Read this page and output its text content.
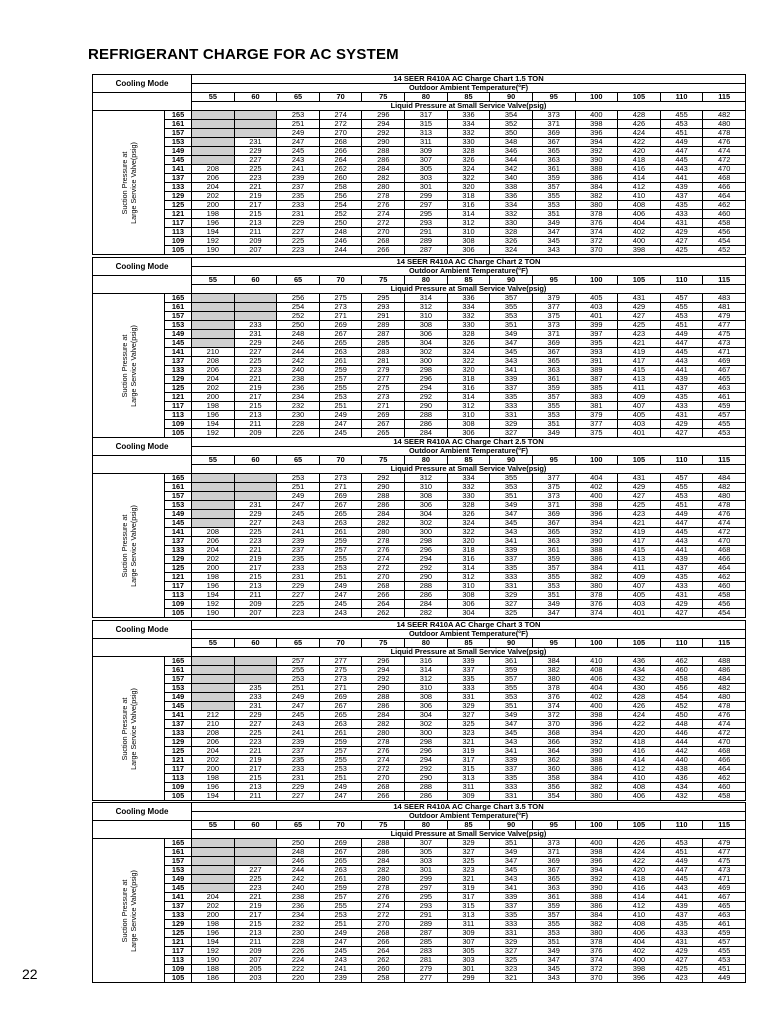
REFRIGERANT CHARGE FOR AC SYSTEM
Cooling Mode		14 SEER R410A AC Charge Chart 1.5 TON												
		Outdoor Ambient Temperature(°F)												
		55	60	65	70	75	80	85	90	95	100	105	110	115
		Liquid Pressure at Small Service Valve(psig)												

Suction Pressure at Large Service Valve(psig)	165			253	274	296	317	336	354	373	400	428	455	482
	161			251	272	294	315	334	352	371	398	426	453	480
	157			249	270	292	313	332	350	369	396	424	451	478
	153		231	247	268	290	311	330	348	367	394	422	449	476
	149		229	245	266	288	309	328	346	365	392	420	447	474
	145		227	243	264	286	307	326	344	363	390	418	445	472
	141	208	225	241	262	284	305	324	342	361	388	416	443	470
	137	206	223	239	260	282	303	322	340	359	386	414	441	468
	133	204	221	237	258	280	301	320	338	357	384	412	439	466
	129	202	219	235	256	278	299	318	336	355	382	410	437	464
	125	200	217	233	254	276	297	316	334	353	380	408	435	462
	121	198	215	231	252	274	295	314	332	351	378	406	433	460
	117	196	213	229	250	272	293	312	330	349	376	404	431	458
	113	194	211	227	248	270	291	310	328	347	374	402	429	456
	109	192	209	225	246	268	289	308	326	345	372	400	427	454
	105	190	207	223	244	266	287	306	324	343	370	398	425	452
Cooling Mode		14 SEER R410A AC Charge Chart 2 TON												
		Outdoor Ambient Temperature(°F)												
		55	60	65	70	75	80	85	90	95	100	105	110	115
		Liquid Pressure at Small Service Valve(psig)												

Suction Pressure at Large Service Valve(psig)	165			256	275	295	314	336	357	379	405	431	457	483
	161			254	273	293	312	334	355	377	403	429	455	481
	157			252	271	291	310	332	353	375	401	427	453	479
	153		233	250	269	289	308	330	351	373	399	425	451	477
	149		231	248	267	287	306	328	349	371	397	423	449	475
	145		229	246	265	285	304	326	347	369	395	421	447	473
	141	210	227	244	263	283	302	324	345	367	393	419	445	471
	137	208	225	242	261	281	300	322	343	365	391	417	443	469
	133	206	223	240	259	279	298	320	341	363	389	415	441	467
	129	204	221	238	257	277	296	318	339	361	387	413	439	465
	125	202	219	236	255	275	294	316	337	359	385	411	437	463
	121	200	217	234	253	273	292	314	335	357	383	409	435	461
	117	198	215	232	251	271	290	312	333	355	381	407	433	459
	113	196	213	230	249	269	288	310	331	353	379	405	431	457
	109	194	211	228	247	267	286	308	329	351	377	403	429	455
	105	192	209	226	245	265	284	306	327	349	375	401	427	453
Cooling Mode		14 SEER R410A AC Charge Chart 2.5 TON												
		Outdoor Ambient Temperature(°F)												
		55	60	65	70	75	80	85	90	95	100	105	110	115
		Liquid Pressure at Small Service Valve(psig)												

Suction Pressure at Large Service Valve(psig)	165			253	273	292	312	334	355	377	404	431	457	484
	161			251	271	290	310	332	353	375	402	429	455	482
	157			249	269	288	308	330	351	373	400	427	453	480
	153		231	247	267	286	306	328	349	371	398	425	451	478
	149		229	245	265	284	304	326	347	369	396	423	449	476
	145		227	243	263	282	302	324	345	367	394	421	447	474
	141	208	225	241	261	280	300	322	343	365	392	419	445	472
	137	206	223	239	259	278	298	320	341	363	390	417	443	470
	133	204	221	237	257	276	296	318	339	361	388	415	441	468
	129	202	219	235	255	274	294	316	337	359	386	413	439	466
	125	200	217	233	253	272	292	314	335	357	384	411	437	464
	121	198	215	231	251	270	290	312	333	355	382	409	435	462
	117	196	213	229	249	268	288	310	331	353	380	407	433	460
	113	194	211	227	247	266	286	308	329	351	378	405	431	458
	109	192	209	225	245	264	284	306	327	349	376	403	429	456
	105	190	207	223	243	262	282	304	325	347	374	401	427	454
Cooling Mode		14 SEER R410A AC Charge Chart 3 TON												
		Outdoor Ambient Temperature(°F)												
		55	60	65	70	75	80	85	90	95	100	105	110	115
		Liquid Pressure at Small Service Valve(psig)												

Suction Pressure at Large Service Valve(psig)	165			257	277	296	316	339	361	384	410	436	462	488
	161			255	275	294	314	337	359	382	408	434	460	486
	157			253	273	292	312	335	357	380	406	432	458	484
	153		235	251	271	290	310	333	355	378	404	430	456	482
	149		233	249	269	288	308	331	353	376	402	428	454	480
	145		231	247	267	286	306	329	351	374	400	426	452	478
	141	212	229	245	265	284	304	327	349	372	398	424	450	476
	137	210	227	243	263	282	302	325	347	370	396	422	448	474
	133	208	225	241	261	280	300	323	345	368	394	420	446	472
	129	206	223	239	259	278	298	321	343	366	392	418	444	470
	125	204	221	237	257	276	296	319	341	364	390	416	442	468
	121	202	219	235	255	274	294	317	339	362	388	414	440	466
	117	200	217	233	253	272	292	315	337	360	386	412	438	464
	113	198	215	231	251	270	290	313	335	358	384	410	436	462
	109	196	213	229	249	268	288	311	333	356	382	408	434	460
	105	194	211	227	247	266	286	309	331	354	380	406	432	458
Cooling Mode		14 SEER R410A AC Charge Chart 3.5 TON												
		Outdoor Ambient Temperature(°F)												
		55	60	65	70	75	80	85	90	95	100	105	110	115
		Liquid Pressure at Small Service Valve(psig)												

Suction Pressure at Large Service Valve(psig)	165			250	269	288	307	329	351	373	400	426	453	479
	161			248	267	286	305	327	349	371	398	424	451	477
	157			246	265	284	303	325	347	369	396	422	449	475
	153		227	244	263	282	301	323	345	367	394	420	447	473
	149		225	242	261	280	299	321	343	365	392	418	445	471
	145		223	240	259	278	297	319	341	363	390	416	443	469
	141	204	221	238	257	276	295	317	339	361	388	414	441	467
	137	202	219	236	255	274	293	315	337	359	386	412	439	465
	133	200	217	234	253	272	291	313	335	357	384	410	437	463
	129	198	215	232	251	270	289	311	333	355	382	408	435	461
	125	196	213	230	249	268	287	309	331	353	380	406	433	459
	121	194	211	228	247	266	285	307	329	351	378	404	431	457
	117	192	209	226	245	264	283	305	327	349	376	402	429	455
	113	190	207	224	243	262	281	303	325	347	374	400	427	453
	109	188	205	222	241	260	279	301	323	345	372	398	425	451
	105	186	203	220	239	258	277	299	321	343	370	396	423	449
22
